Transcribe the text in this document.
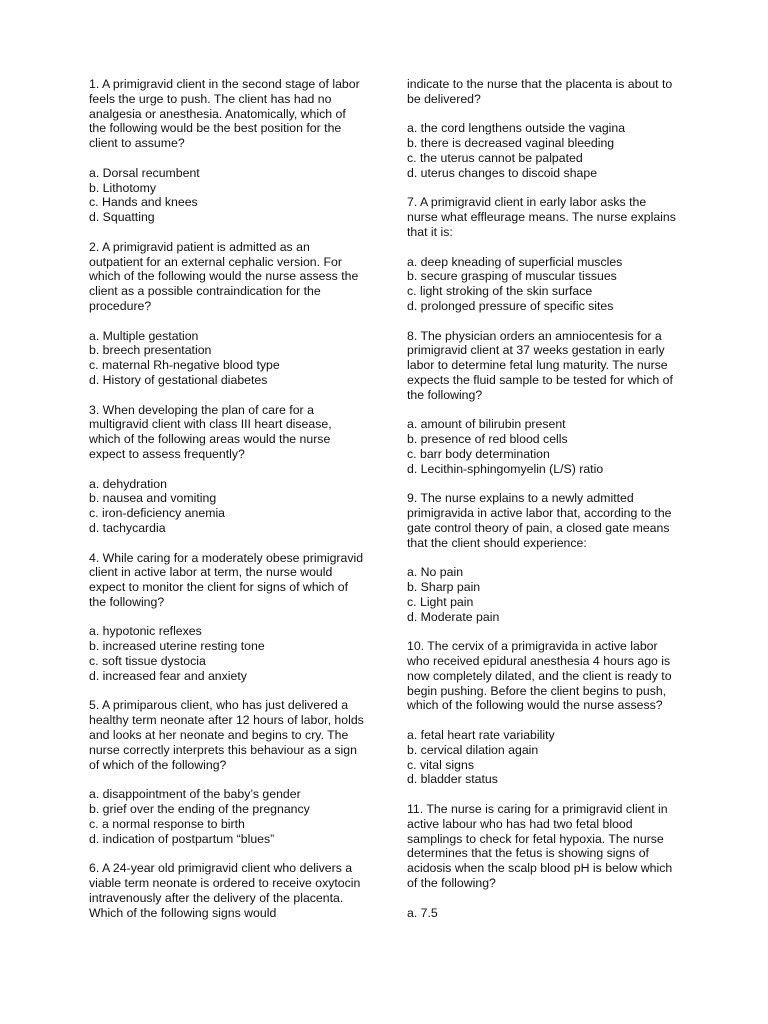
1. A primigravid client in the second stage of labor feels the urge to push. The client has had no analgesia or anesthesia. Anatomically, which of the following would be the best position for the client to assume?
a. Dorsal recumbent
b. Lithotomy
c. Hands and knees
d. Squatting
2. A primigravid patient is admitted as an outpatient for an external cephalic version. For which of the following would the nurse assess the client as a possible contraindication for the procedure?
a. Multiple gestation
b. breech presentation
c. maternal Rh-negative blood type
d. History of gestational diabetes
3. When developing the plan of care for a multigravid client with class III heart disease, which of the following areas would the nurse expect to assess frequently?
a. dehydration
b. nausea and vomiting
c. iron-deficiency anemia
d. tachycardia
4. While caring for a moderately obese primigravid client in active labor at term, the nurse would expect to monitor the client for signs of which of the following?
a. hypotonic reflexes
b. increased uterine resting tone
c. soft tissue dystocia
d. increased fear and anxiety
5. A primiparous client, who has just delivered a healthy term neonate after 12 hours of labor, holds and looks at her neonate and begins to cry. The nurse correctly interprets this behaviour as a sign of which of the following?
a. disappointment of the baby’s gender
b. grief over the ending of the pregnancy
c. a normal response to birth
d. indication of postpartum “blues”
6. A 24-year old primigravid client who delivers a viable term neonate is ordered to receive oxytocin intravenously after the delivery of the placenta. Which of the following signs would
indicate to the nurse that the placenta is about to be delivered?
a. the cord lengthens outside the vagina
b. there is decreased vaginal bleeding
c. the uterus cannot be palpated
d. uterus changes to discoid shape
7. A primigravid client in early labor asks the nurse what effleurage means. The nurse explains that it is:
a. deep kneading of superficial muscles
b. secure grasping of muscular tissues
c. light stroking of the skin surface
d. prolonged pressure of specific sites
8. The physician orders an amniocentesis for a primigravid client at 37 weeks gestation in early labor to determine fetal lung maturity. The nurse expects the fluid sample to be tested for which of the following?
a. amount of bilirubin present
b. presence of red blood cells
c. barr body determination
d. Lecithin-sphingomyelin (L/S) ratio
9. The nurse explains to a newly admitted primigravida in active labor that, according to the gate control theory of pain, a closed gate means that the client should experience:
a. No pain
b. Sharp pain
c. Light pain
d. Moderate pain
10. The cervix of a primigravida in active labor who received epidural anesthesia 4 hours ago is now completely dilated, and the client is ready to begin pushing. Before the client begins to push, which of the following would the nurse assess?
a. fetal heart rate variability
b. cervical dilation again
c. vital signs
d. bladder status
11. The nurse is caring for a primigravid client in active labour who has had two fetal blood samplings to check for fetal hypoxia. The nurse determines that the fetus is showing signs of acidosis when the scalp blood pH is below which of the following?
a. 7.5
